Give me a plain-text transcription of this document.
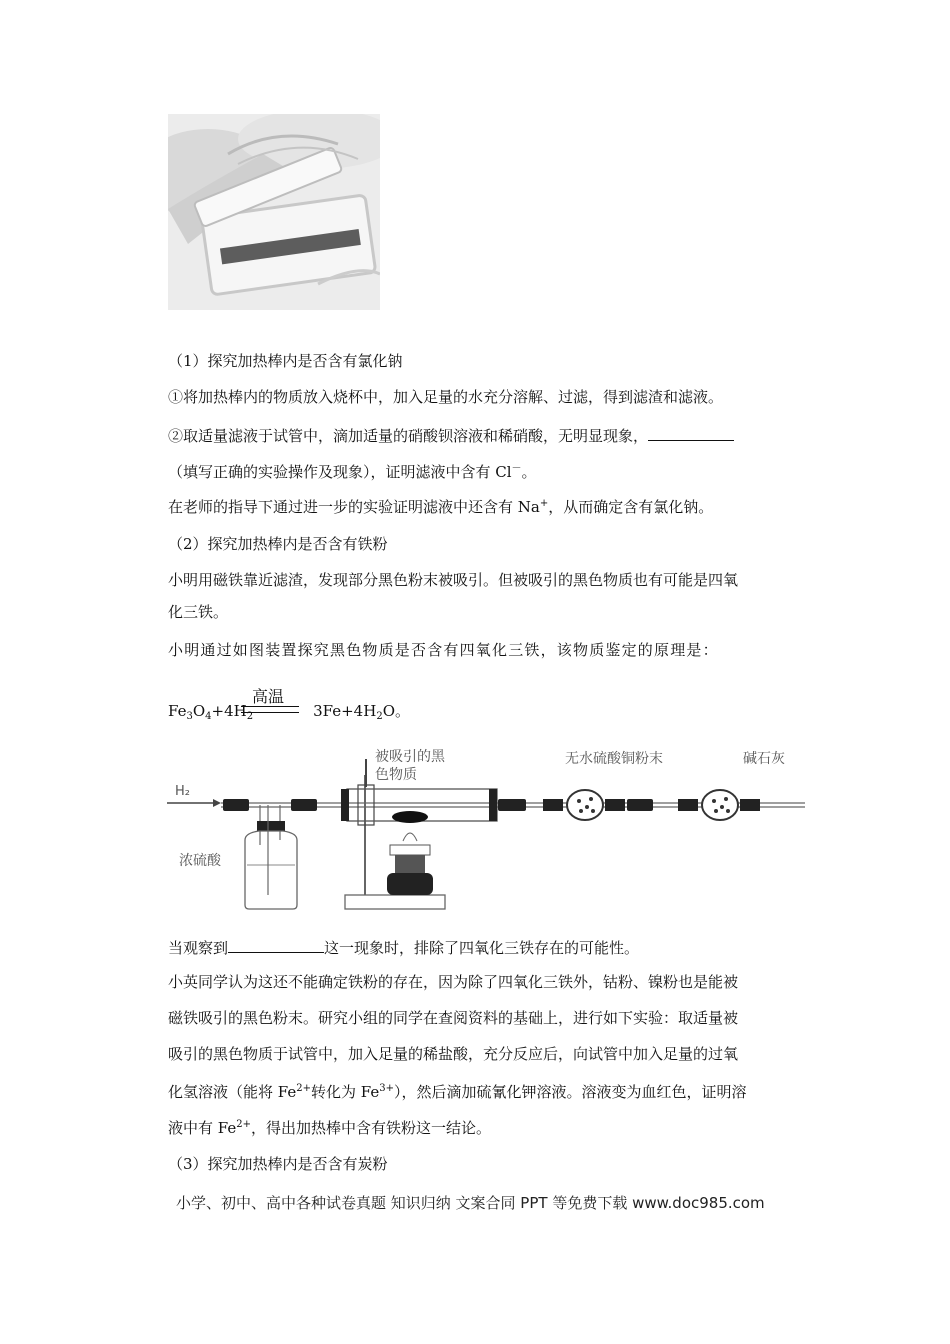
（1）探究加热棒内是否含有氯化钠
①将加热棒内的物质放入烧杯中，加入足量的水充分溶解、过滤，得到滤渣和滤液。
②取适量滤液于试管中，滴加适量的硝酸钡溶液和稀硝酸，无明显现象，
（填写正确的实验操作及现象），证明滤液中含有 Cl－。
在老师的指导下通过进一步的实验证明滤液中还含有 Na+，从而确定含有氯化钠。
（2）探究加热棒内是否含有铁粉
小明用磁铁靠近滤渣，发现部分黑色粉末被吸引。但被吸引的黑色物质也有可能是四氧
化三铁。
小明通过如图装置探究黑色物质是否含有四氧化三铁，该物质鉴定的原理是：
高温
$Fe_3O_4+4H_2$	$3Fe+4H_2O$。
H₂
浓硫酸
被吸引的黑
色物质
无水硫酸铜粉末	碱石灰
当观察到	这一现象时，排除了四氧化三铁存在的可能性。
小英同学认为这还不能确定铁粉的存在，因为除了四氧化三铁外，钴粉、镍粉也是能被
磁铁吸引的黑色粉末。研究小组的同学在查阅资料的基础上，进行如下实验：取适量被
吸引的黑色物质于试管中，加入足量的稀盐酸，充分反应后，向试管中加入足量的过氧
化氢溶液（能将 $Fe^{2+}$转化为 $Fe^{3+}$），然后滴加硫氰化钾溶液。溶液变为血红色，证明溶
液中有 $Fe^{2+}$，得出加热棒中含有铁粉这一结论。
（3）探究加热棒内是否含有炭粉
小学、初中、高中各种试卷真题 知识归纳 文案合同 PPT 等免费下载 www.doc985.com
